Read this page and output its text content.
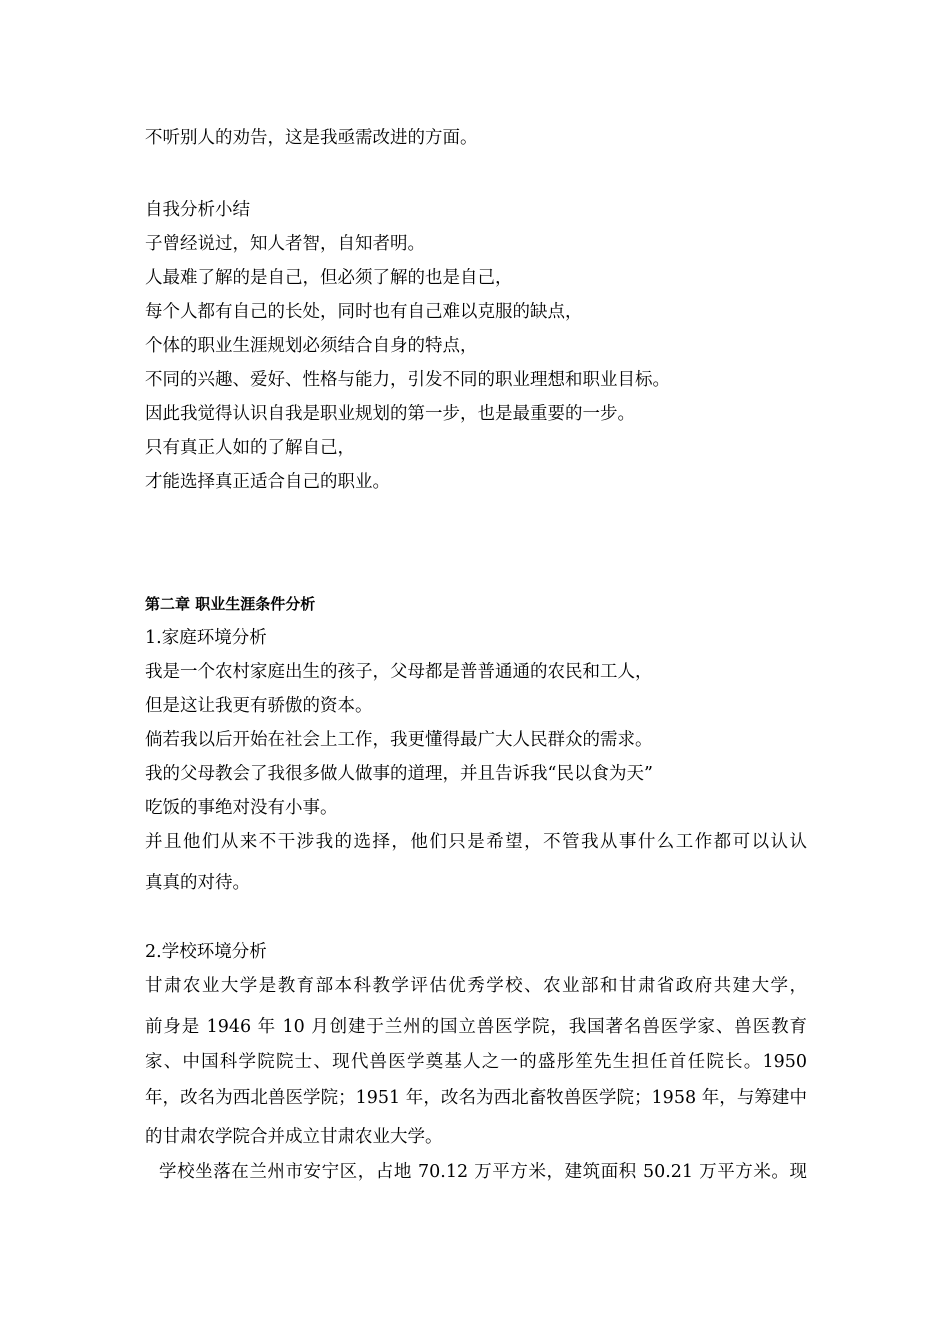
不听别人的劝告，这是我亟需改进的方面。
自我分析小结
子曾经说过，知人者智，自知者明。
人最难了解的是自己，但必须了解的也是自己，
每个人都有自己的长处，同时也有自己难以克服的缺点，
个体的职业生涯规划必须结合自身的特点，
不同的兴趣、爱好、性格与能力，引发不同的职业理想和职业目标。
因此我觉得认识自我是职业规划的第一步，也是最重要的一步。
只有真正人如的了解自己，
才能选择真正适合自己的职业。
第二章 职业生涯条件分析
1.家庭环境分析
我是一个农村家庭出生的孩子，父母都是普普通通的农民和工人，
但是这让我更有骄傲的资本。
倘若我以后开始在社会上工作，我更懂得最广大人民群众的需求。
我的父母教会了我很多做人做事的道理，并且告诉我“民以食为天”
吃饭的事绝对没有小事。
并且他们从来不干涉我的选择，他们只是希望，不管我从事什么工作都可以认认
真真的对待。
2.学校环境分析
甘肃农业大学是教育部本科教学评估优秀学校、农业部和甘肃省政府共建大学，
前身是 1946 年 10 月创建于兰州的国立兽医学院，我国著名兽医学家、兽医教育
家、中国科学院院士、现代兽医学奠基人之一的盛彤笙先生担任首任院长。1950
年，改名为西北兽医学院；1951 年，改名为西北畜牧兽医学院；1958 年，与筹建中
的甘肃农学院合并成立甘肃农业大学。
学校坐落在兰州市安宁区，占地 70.12 万平方米，建筑面积 50.21 万平方米。现
